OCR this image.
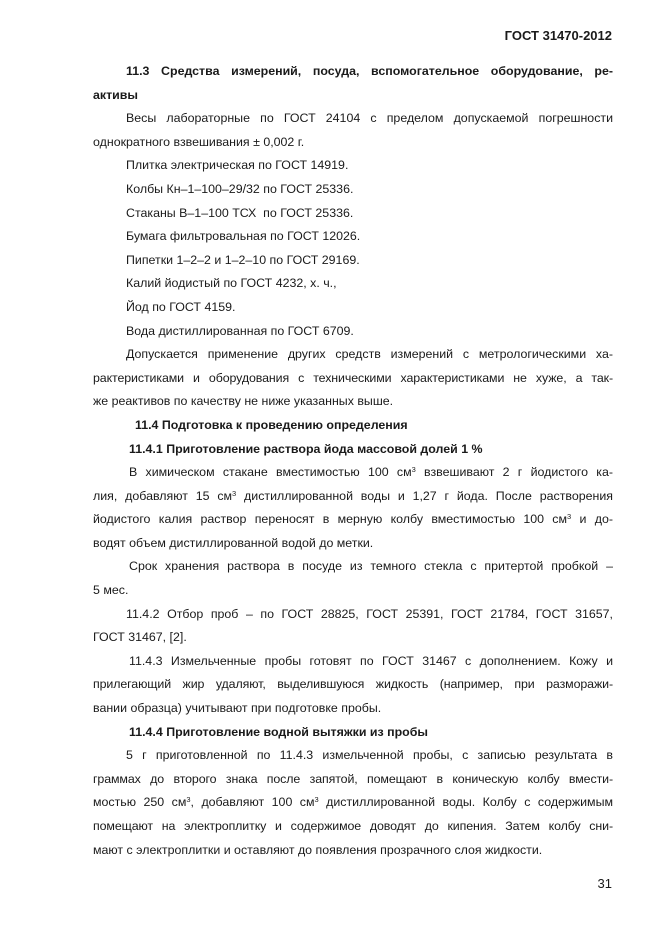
ГОСТ 31470-2012
11.3 Средства измерений, посуда, вспомогательное оборудование, ре-
активы
Весы лабораторные по ГОСТ 24104 с пределом допускаемой погрешности
однократного взвешивания ± 0,002 г.
Плитка электрическая по ГОСТ 14919.
Колбы Кн–1–100–29/32 по ГОСТ 25336.
Стаканы В–1–100 ТСХ  по ГОСТ 25336.
Бумага фильтровальная по ГОСТ 12026.
Пипетки 1–2–2 и 1–2–10 по ГОСТ 29169.
Калий йодистый по ГОСТ 4232, х. ч.,
Йод по ГОСТ 4159.
Вода дистиллированная по ГОСТ 6709.
Допускается применение других средств измерений с метрологическими ха-
рактеристиками и оборудования с техническими характеристиками не хуже, а так-
же реактивов по качеству не ниже указанных выше.
11.4 Подготовка к проведению определения
11.4.1 Приготовление раствора йода массовой долей 1 %
В химическом стакане вместимостью 100 $см^3$ взвешивают 2 г йодистого ка-
лия, добавляют 15 $см^3$ дистиллированной воды и 1,27 г йода. После растворения
йодистого калия раствор переносят в мерную колбу вместимостью 100 $см^3$ и до-
водят объем дистиллированной водой до метки.
Срок хранения раствора в посуде из темного стекла с притертой пробкой –
5 мес.
11.4.2 Отбор проб – по ГОСТ 28825, ГОСТ 25391, ГОСТ 21784, ГОСТ 31657,
ГОСТ 31467, [2].
11.4.3 Измельченные пробы готовят по ГОСТ 31467 с дополнением. Кожу и
прилегающий жир удаляют, выделившуюся жидкость (например, при разморажи-
вании образца) учитывают при подготовке пробы.
11.4.4 Приготовление водной вытяжки из пробы
5 г приготовленной по 11.4.3 измельченной пробы, с записью результата в
граммах до второго знака после запятой, помещают в коническую колбу вмести-
мостью 250 $см^3$, добавляют 100 $см^3$ дистиллированной воды. Колбу с содержимым
помещают на электроплитку и содержимое доводят до кипения. Затем колбу сни-
мают с электроплитки и оставляют до появления прозрачного слоя жидкости.
31
